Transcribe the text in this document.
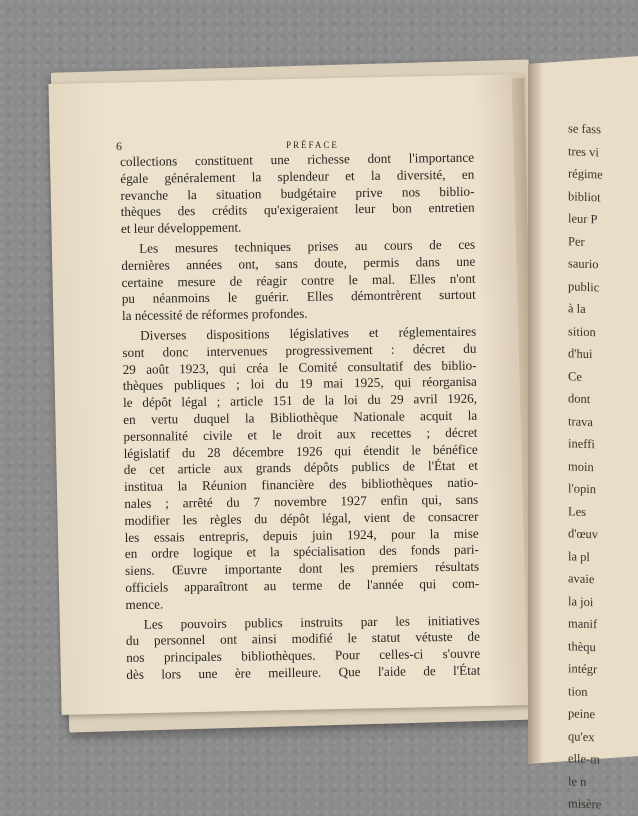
6	PRÉFACE
collections constituent une richesse dont l'importance
égale généralement la splendeur et la diversité, en
revanche la situation budgétaire prive nos biblio-
thèques des crédits qu'exigeraient leur bon entretien
et leur développement.
Les mesures techniques prises au cours de ces
dernières années ont, sans doute, permis dans une
certaine mesure de réagir contre le mal. Elles n'ont
pu néanmoins le guérir. Elles démontrèrent surtout
la nécessité de réformes profondes.
Diverses dispositions législatives et réglementaires
sont donc intervenues progressivement : décret du
29 août 1923, qui créa le Comité consultatif des biblio-
thèques publiques ; loi du 19 mai 1925, qui réorganisa
le dépôt légal ; article 151 de la loi du 29 avril 1926,
en vertu duquel la Bibliothèque Nationale acquit la
personnalité civile et le droit aux recettes ; décret
législatif du 28 décembre 1926 qui étendit le bénéfice
de cet article aux grands dépôts publics de l'État et
institua la Réunion financière des bibliothèques natio-
nales ; arrêté du 7 novembre 1927 enfin qui, sans
modifier les règles du dépôt légal, vient de consacrer
les essais entrepris, depuis juin 1924, pour la mise
en ordre logique et la spécialisation des fonds pari-
siens. Œuvre importante dont les premiers résultats
officiels apparaîtront au terme de l'année qui com-
mence.
Les pouvoirs publics instruits par les initiatives
du personnel ont ainsi modifié le statut vétuste de
nos principales bibliothèques. Pour celles-ci s'ouvre
dès lors une ère meilleure. Que l'aide de l'État
se fass
tres vi
régime
bibliot
leur P
Per
saurio
public
à la
sition
d'hui
Ce
dont
trava
ineffi
moin
l'opin
Les
d'œuv
la pl
avaie
la joi
manif
thèqu
intégr
tion
peine
qu'ex
elle-m
le n
misère
